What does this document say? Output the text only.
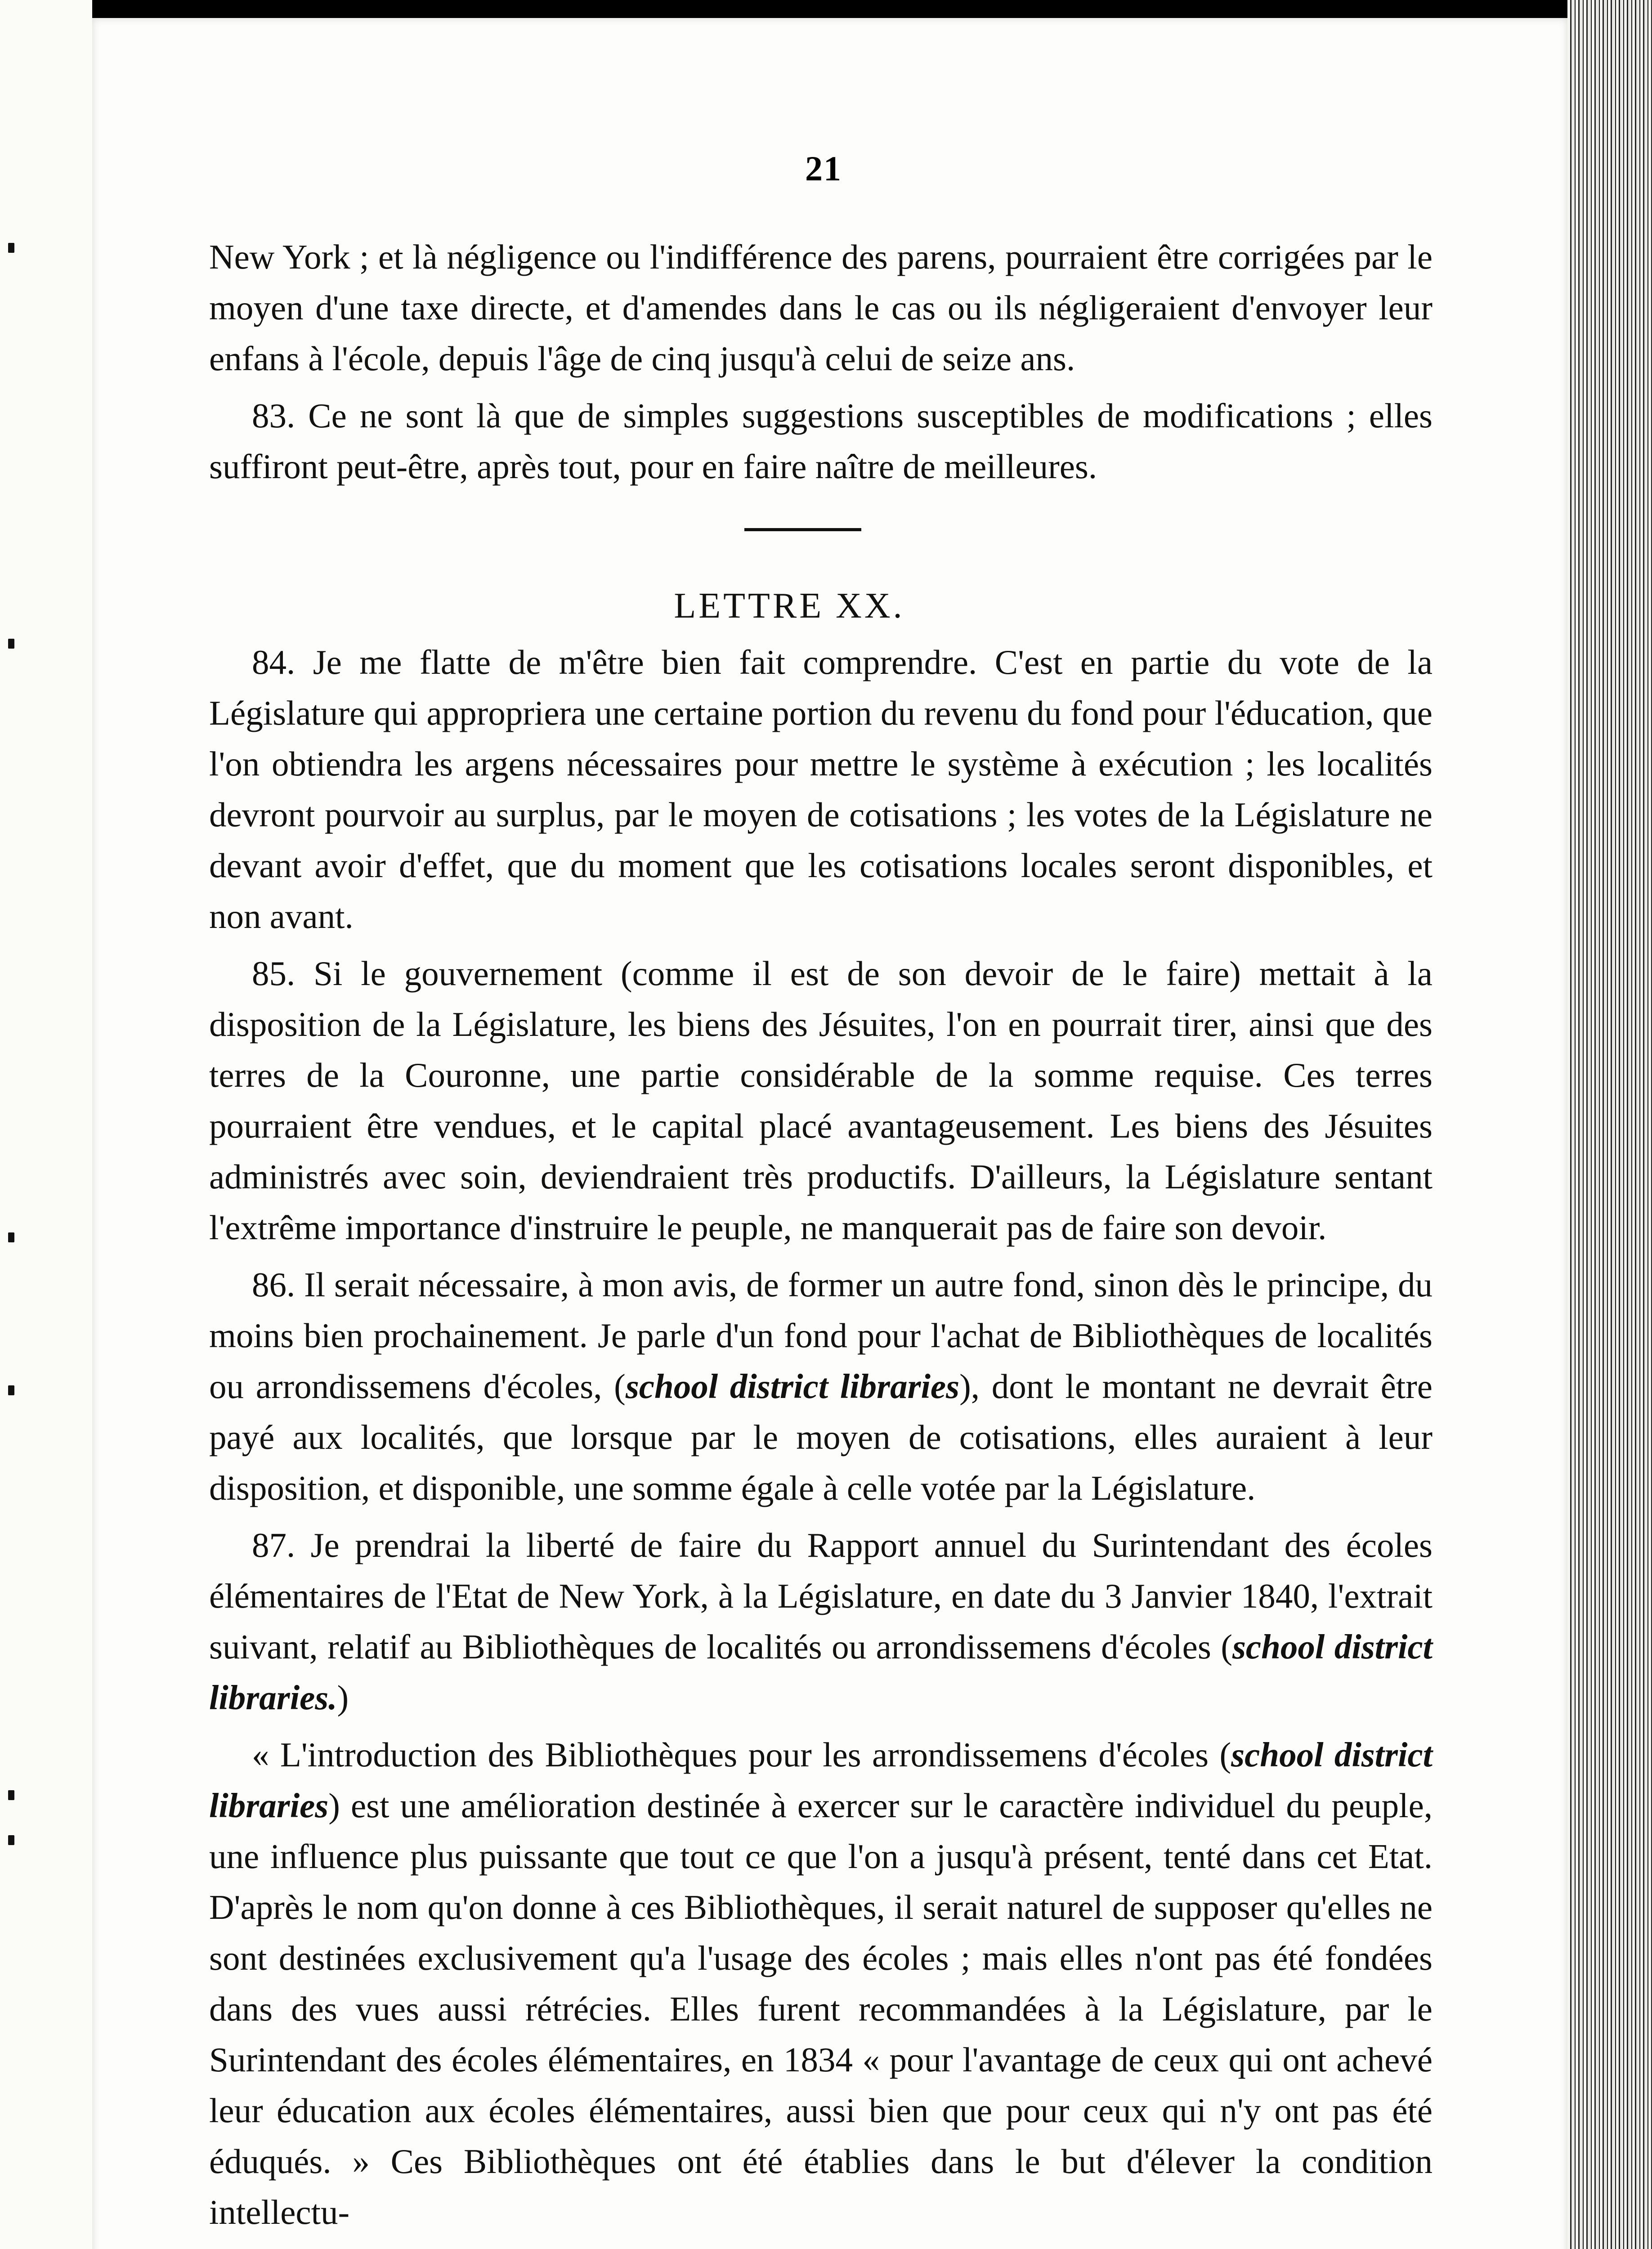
21

New York ; et là négligence ou l'indifférence des parens, pourraient être corrigées par le moyen d'une taxe directe, et d'amendes dans le cas ou ils négligeraient d'envoyer leur enfans à l'école, depuis l'âge de cinq jusqu'à celui de seize ans.

83. Ce ne sont là que de simples suggestions susceptibles de modifications ; elles suffiront peut-être, après tout, pour en faire naître de meilleures.

LETTRE XX.

84. Je me flatte de m'être bien fait comprendre. C'est en partie du vote de la Législature qui appropriera une certaine portion du revenu du fond pour l'éducation, que l'on obtiendra les argens nécessaires pour mettre le système à exécution ; les localités devront pourvoir au surplus, par le moyen de cotisations ; les votes de la Législature ne devant avoir d'effet, que du moment que les cotisations locales seront disponibles, et non avant.

85. Si le gouvernement (comme il est de son devoir de le faire) mettait à la disposition de la Législature, les biens des Jésuites, l'on en pourrait tirer, ainsi que des terres de la Couronne, une partie considérable de la somme requise. Ces terres pourraient être vendues, et le capital placé avantageusement. Les biens des Jésuites administrés avec soin, deviendraient très productifs. D'ailleurs, la Législature sentant l'extrême importance d'instruire le peuple, ne manquerait pas de faire son devoir.

86. Il serait nécessaire, à mon avis, de former un autre fond, sinon dès le principe, du moins bien prochainement. Je parle d'un fond pour l'achat de Bibliothèques de localités ou arrondissemens d'écoles, (school district libraries), dont le montant ne devrait être payé aux localités, que lorsque par le moyen de cotisations, elles auraient à leur disposition, et disponible, une somme égale à celle votée par la Législature.

87. Je prendrai la liberté de faire du Rapport annuel du Surintendant des écoles élémentaires de l'Etat de New York, à la Législature, en date du 3 Janvier 1840, l'extrait suivant, relatif au Bibliothèques de localités ou arrondissemens d'écoles (school district libraries.)

« L'introduction des Bibliothèques pour les arrondissemens d'écoles (school district libraries) est une amélioration destinée à exercer sur le caractère individuel du peuple, une influence plus puissante que tout ce que l'on a jusqu'à présent, tenté dans cet Etat. D'après le nom qu'on donne à ces Bibliothèques, il serait naturel de supposer qu'elles ne sont destinées exclusivement qu'a l'usage des écoles ; mais elles n'ont pas été fondées dans des vues aussi rétrécies. Elles furent recommandées à la Législature, par le Surintendant des écoles élémentaires, en 1834 « pour l'avantage de ceux qui ont achevé leur éducation aux écoles élémentaires, aussi bien que pour ceux qui n'y ont pas été éduqués. » Ces Bibliothèques ont été établies dans le but d'élever la condition intellectu-
